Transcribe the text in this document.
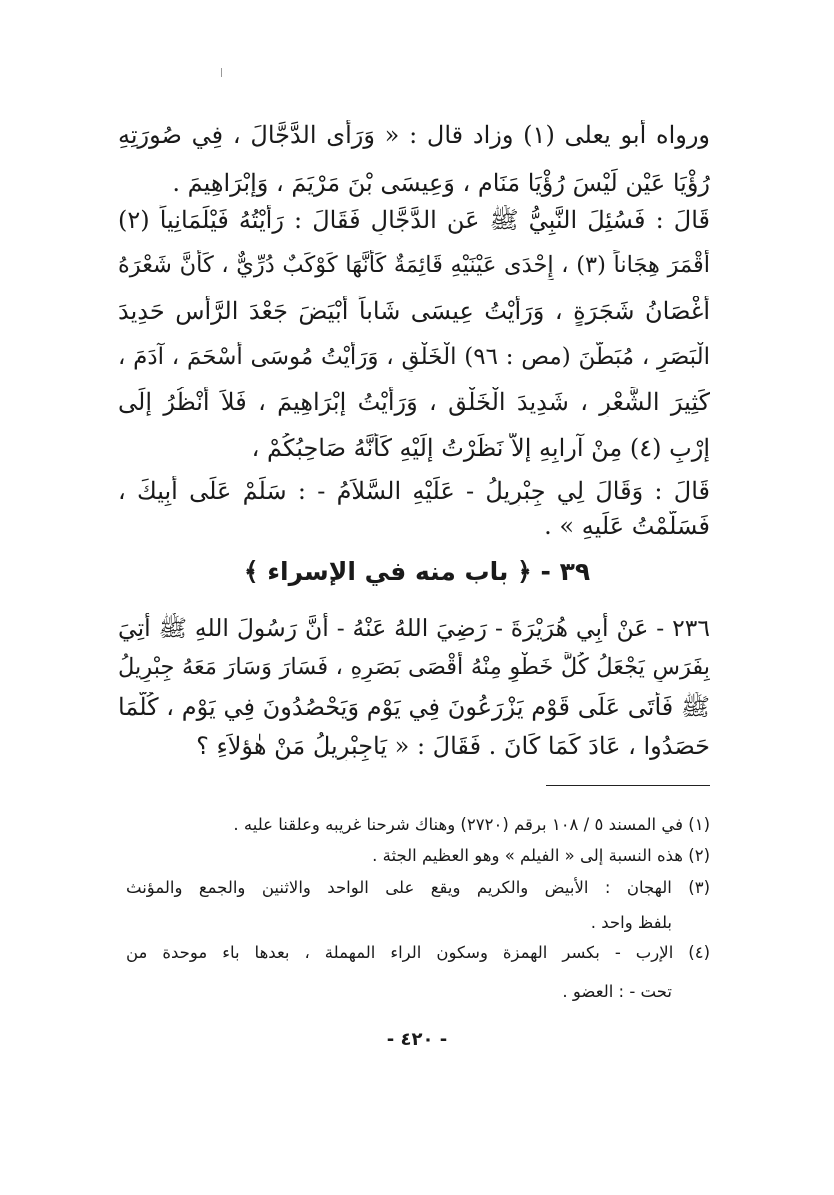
ورواه أبو يعلى (١) وزاد قال : « وَرَأَى الدَّجَّالَ ، فِي صُورَتِهِ
رُؤْيَا عَيْنٍ لَيْسَ رُؤْيَا مَنَامٍ ، وَعِيسَى بْنَ مَرْيَمَ ، وَإِبْرَاهِيمَ .
قَالَ : فَسُئِلَ النَّبِيُّ ﷺ عَنِ الدَّجَّالِ فَقَالَ : رَأَيْتُهُ فَيْلَمَانِياً (٢)
أَقْمَرَ هِجَاناً (٣) ، إِحْدَى عَيْنَيْهِ قَائِمَةٌ كَأَنَّهَا كَوْكَبٌ دُرِّيٌّ ، كَأَنَّ شَعْرَهُ
أَغْصَانُ شَجَرَةٍ ، وَرَأَيْتُ عِيسَى شَاباً أَبْيَضَ جَعْدَ الرَّأْسِ حَدِيدَ
الْبَصَرِ ، مُبَطَّنَ (مص : ٩٦) الْخَلْقِ ، وَرَأَيْتُ مُوسَى أَسْحَمَ ، آدَمَ ،
كَثِيرَ الشَّعْرِ ، شَدِيدَ الْخَلْقِ ، وَرَأَيْتُ إِبْرَاهِيمَ ، فَلاَ أَنْظُرُ إِلَى
إِرْبٍ (٤) مِنْ آرابِهِ إِلاَّ نَظَرْتُ إِلَيْهِ كَأَنَّهُ صَاحِبُكُمْ ،
قَالَ : وَقَالَ لِي جِبْرِيلُ - عَلَيْهِ السَّلاَمُ - : سَلِّمْ عَلَى أَبِيكَ ،
فَسَلَّمْتُ عَلَيهِ » .
٣٩ - ﴿ باب منه في الإسراء ﴾
٢٣٦ - عَنْ أَبِي هُرَيْرَةَ - رَضِيَ اللهُ عَنْهُ - أَنَّ رَسُولَ اللهِ ﷺ أُتِيَ
بِفَرَسٍ يَجْعَلُ كُلَّ خَطْوٍ مِنْهُ أَقْصَى بَصَرِهِ ، فَسَارَ وَسَارَ مَعَهُ جِبْرِيلُ
ﷺ فَأَتَى عَلَى قَوْمٍ يَزْرَعُونَ فِي يَوْمٍ وَيَحْصُدُونَ فِي يَوْمٍ ، كُلَّمَا
حَصَدُوا ، عَادَ كَمَا كَانَ . فَقَالَ : « يَاجِبْرِيلُ مَنْ هٰؤلاَءِ ؟
(١) في المسند ٥ / ١٠٨ برقم (٢٧٢٠) وهناك شرحنا غريبه وعلقنا عليه .
(٢) هذه النسبة إلى « الفيلم » وهو العظيم الجثة .
(٣) الهجان : الأبيض والكريم ويقع على الواحد والاثنين والجمع والمؤنث
بلفظ واحد .
(٤) الإرب - بكسر الهمزة وسكون الراء المهملة ، بعدها باء موحدة من
تحت - : العضو .
- ٤٢٠ -
